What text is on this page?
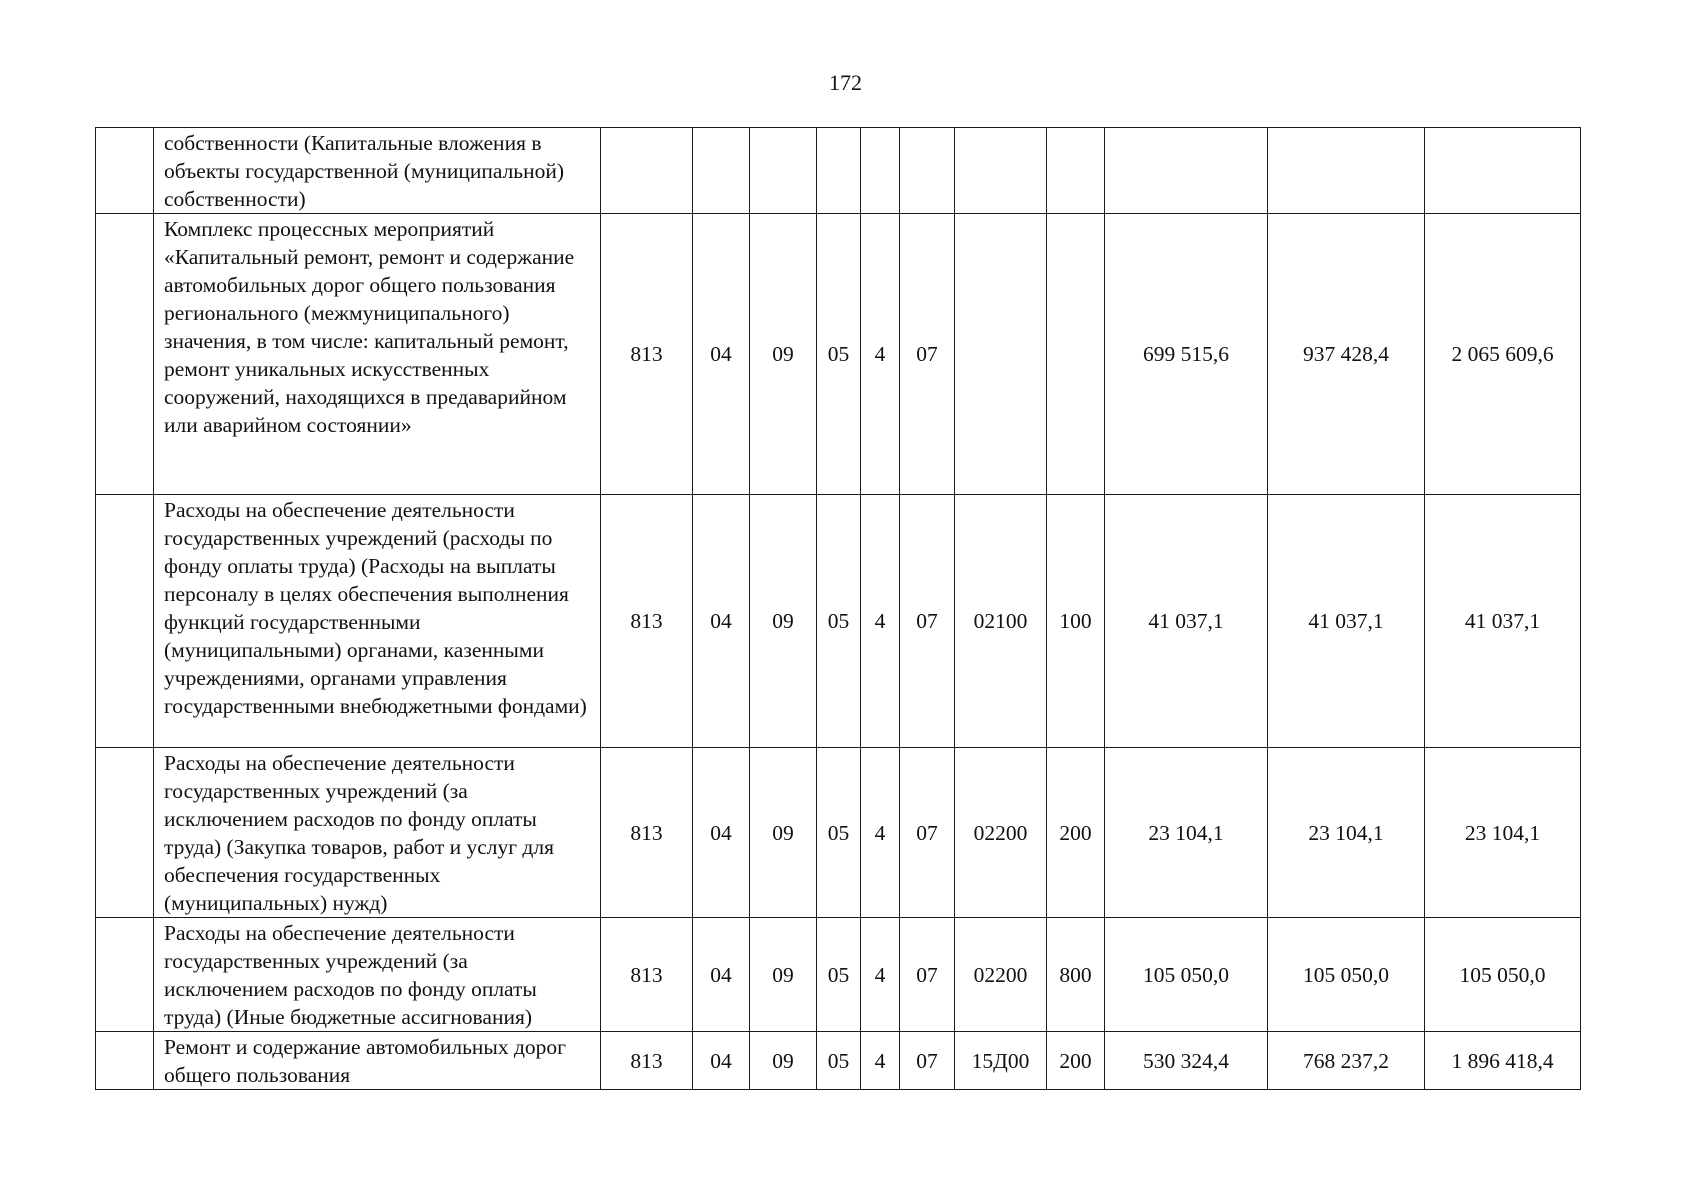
172
	собственности (Капитальные вложения в объекты государственной (муниципальной) собственности)											
	Комплекс процессных мероприятий «Капитальный ремонт, ремонт и содержание автомобильных дорог общего пользования регионального (межмуниципального) значения, в том числе: капитальный ремонт, ремонт уникальных искусственных сооружений, находящихся в предаварийном или аварийном состоянии»	813	04	09	05	4	07			699 515,6	937 428,4	2 065 609,6
	Расходы на обеспечение деятельности государственных учреждений (расходы по фонду оплаты труда) (Расходы на выплаты персоналу в целях обеспечения выполнения функций государственными (муниципальными) органами, казенными учреждениями, органами управления государственными внебюджетными фондами)	813	04	09	05	4	07	02100	100	41 037,1	41 037,1	41 037,1
	Расходы на обеспечение деятельности государственных учреждений (за исключением расходов по фонду оплаты труда) (Закупка товаров, работ и услуг для обеспечения государственных (муниципальных) нужд)	813	04	09	05	4	07	02200	200	23 104,1	23 104,1	23 104,1
	Расходы на обеспечение деятельности государственных учреждений (за исключением расходов по фонду оплаты труда) (Иные бюджетные ассигнования)	813	04	09	05	4	07	02200	800	105 050,0	105 050,0	105 050,0
	Ремонт и содержание автомобильных дорог общего пользования	813	04	09	05	4	07	15Д00	200	530 324,4	768 237,2	1 896 418,4
